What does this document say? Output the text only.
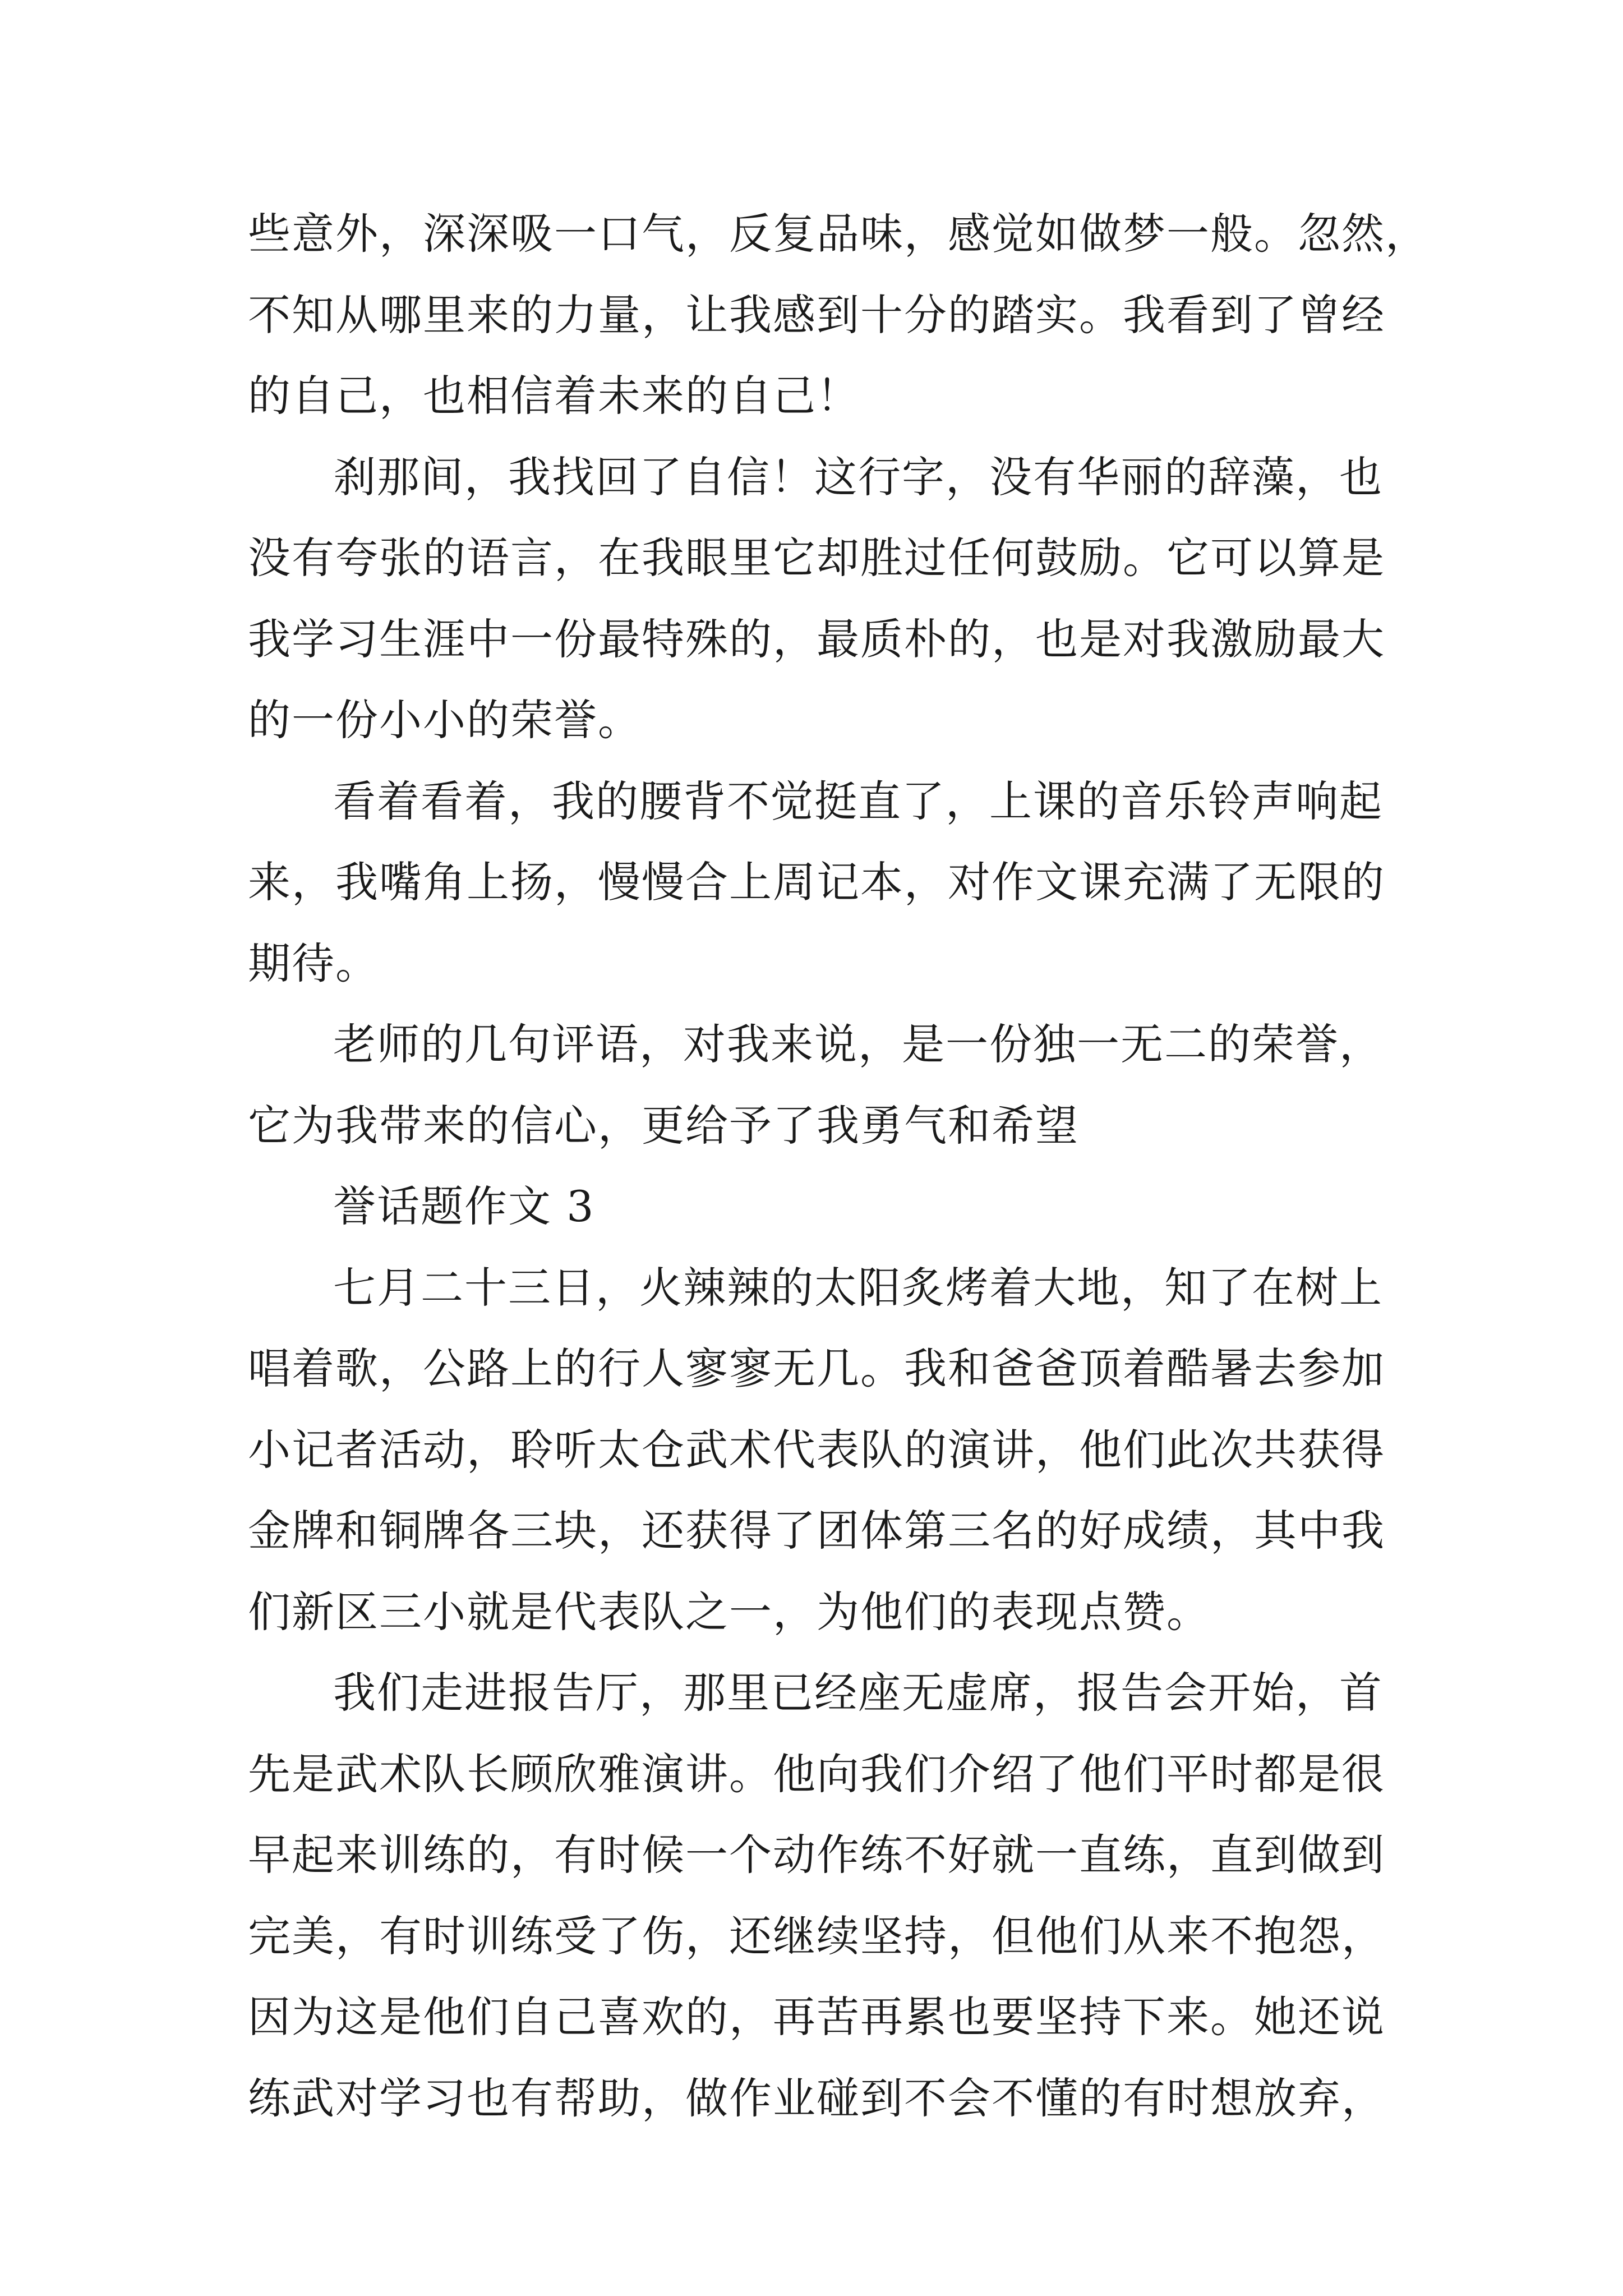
些意外，深深吸一口气，反复品味，感觉如做梦一般。忽然，
不知从哪里来的力量，让我感到十分的踏实。我看到了曾经
的自己，也相信着未来的自己！
刹那间，我找回了自信！这行字，没有华丽的辞藻，也
没有夸张的语言，在我眼里它却胜过任何鼓励。它可以算是
我学习生涯中一份最特殊的，最质朴的，也是对我激励最大
的一份小小的荣誉。
看着看着，我的腰背不觉挺直了，上课的音乐铃声响起
来，我嘴角上扬，慢慢合上周记本，对作文课充满了无限的
期待。
老师的几句评语，对我来说，是一份独一无二的荣誉，
它为我带来的信心，更给予了我勇气和希望
誉话题作文 3
七月二十三日，火辣辣的太阳炙烤着大地，知了在树上
唱着歌，公路上的行人寥寥无几。我和爸爸顶着酷暑去参加
小记者活动，聆听太仓武术代表队的演讲，他们此次共获得
金牌和铜牌各三块，还获得了团体第三名的好成绩，其中我
们新区三小就是代表队之一，为他们的表现点赞。
我们走进报告厅，那里已经座无虚席，报告会开始，首
先是武术队长顾欣雅演讲。他向我们介绍了他们平时都是很
早起来训练的，有时候一个动作练不好就一直练，直到做到
完美，有时训练受了伤，还继续坚持，但他们从来不抱怨，
因为这是他们自己喜欢的，再苦再累也要坚持下来。她还说
练武对学习也有帮助，做作业碰到不会不懂的有时想放弃，
